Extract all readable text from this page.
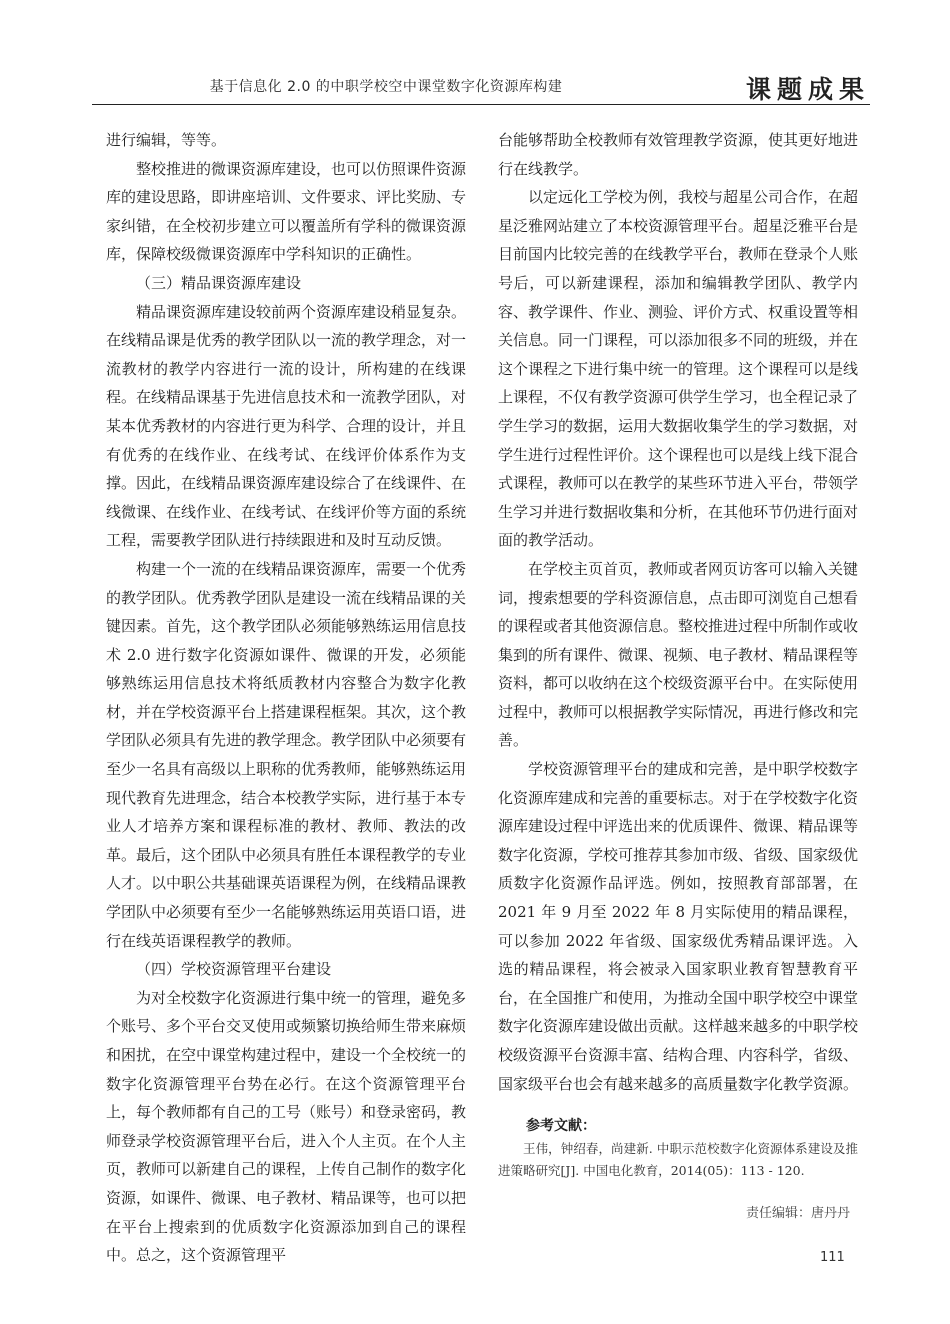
基于信息化 2.0 的中职学校空中课堂数字化资源库构建	课题成果

进行编辑，等等。

整校推进的微课资源库建设，也可以仿照课件资源库的建设思路，即讲座培训、文件要求、评比奖励、专家纠错，在全校初步建立可以覆盖所有学科的微课资源库，保障校级微课资源库中学科知识的正确性。

（三）精品课资源库建设

精品课资源库建设较前两个资源库建设稍显复杂。在线精品课是优秀的教学团队以一流的教学理念，对一流教材的教学内容进行一流的设计，所构建的在线课程。在线精品课基于先进信息技术和一流教学团队，对某本优秀教材的内容进行更为科学、合理的设计，并且有优秀的在线作业、在线考试、在线评价体系作为支撑。因此，在线精品课资源库建设综合了在线课件、在线微课、在线作业、在线考试、在线评价等方面的系统工程，需要教学团队进行持续跟进和及时互动反馈。

构建一个一流的在线精品课资源库，需要一个优秀的教学团队。优秀教学团队是建设一流在线精品课的关键因素。首先，这个教学团队必须能够熟练运用信息技术 2.0 进行数字化资源如课件、微课的开发，必须能够熟练运用信息技术将纸质教材内容整合为数字化教材，并在学校资源平台上搭建课程框架。其次，这个教学团队必须具有先进的教学理念。教学团队中必须要有至少一名具有高级以上职称的优秀教师，能够熟练运用现代教育先进理念，结合本校教学实际，进行基于本专业人才培养方案和课程标准的教材、教师、教法的改革。最后，这个团队中必须具有胜任本课程教学的专业人才。以中职公共基础课英语课程为例，在线精品课教学团队中必须要有至少一名能够熟练运用英语口语，进行在线英语课程教学的教师。

（四）学校资源管理平台建设

为对全校数字化资源进行集中统一的管理，避免多个账号、多个平台交叉使用或频繁切换给师生带来麻烦和困扰，在空中课堂构建过程中，建设一个全校统一的数字化资源管理平台势在必行。在这个资源管理平台上，每个教师都有自己的工号（账号）和登录密码，教师登录学校资源管理平台后，进入个人主页。在个人主页，教师可以新建自己的课程，上传自己制作的数字化资源，如课件、微课、电子教材、精品课等，也可以把在平台上搜索到的优质数字化资源添加到自己的课程中。总之，这个资源管理平

台能够帮助全校教师有效管理教学资源，使其更好地进行在线教学。

以定远化工学校为例，我校与超星公司合作，在超星泛雅网站建立了本校资源管理平台。超星泛雅平台是目前国内比较完善的在线教学平台，教师在登录个人账号后，可以新建课程，添加和编辑教学团队、教学内容、教学课件、作业、测验、评价方式、权重设置等相关信息。同一门课程，可以添加很多不同的班级，并在这个课程之下进行集中统一的管理。这个课程可以是线上课程，不仅有教学资源可供学生学习，也全程记录了学生学习的数据，运用大数据收集学生的学习数据，对学生进行过程性评价。这个课程也可以是线上线下混合式课程，教师可以在教学的某些环节进入平台，带领学生学习并进行数据收集和分析，在其他环节仍进行面对面的教学活动。

在学校主页首页，教师或者网页访客可以输入关键词，搜索想要的学科资源信息，点击即可浏览自己想看的课程或者其他资源信息。整校推进过程中所制作或收集到的所有课件、微课、视频、电子教材、精品课程等资料，都可以收纳在这个校级资源平台中。在实际使用过程中，教师可以根据教学实际情况，再进行修改和完善。

学校资源管理平台的建成和完善，是中职学校数字化资源库建成和完善的重要标志。对于在学校数字化资源库建设过程中评选出来的优质课件、微课、精品课等数字化资源，学校可推荐其参加市级、省级、国家级优质数字化资源作品评选。例如，按照教育部部署，在 2021 年 9 月至 2022 年 8 月实际使用的精品课程，可以参加 2022 年省级、国家级优秀精品课评选。入选的精品课程，将会被录入国家职业教育智慧教育平台，在全国推广和使用，为推动全国中职学校空中课堂数字化资源库建设做出贡献。这样越来越多的中职学校校级资源平台资源丰富、结构合理、内容科学，省级、国家级平台也会有越来越多的高质量数字化教学资源。

参考文献：

王伟，钟绍春，尚建新. 中职示范校数字化资源体系建设及推进策略研究[J]. 中国电化教育，2014(05)：113 - 120.

责任编辑：唐丹丹
111
